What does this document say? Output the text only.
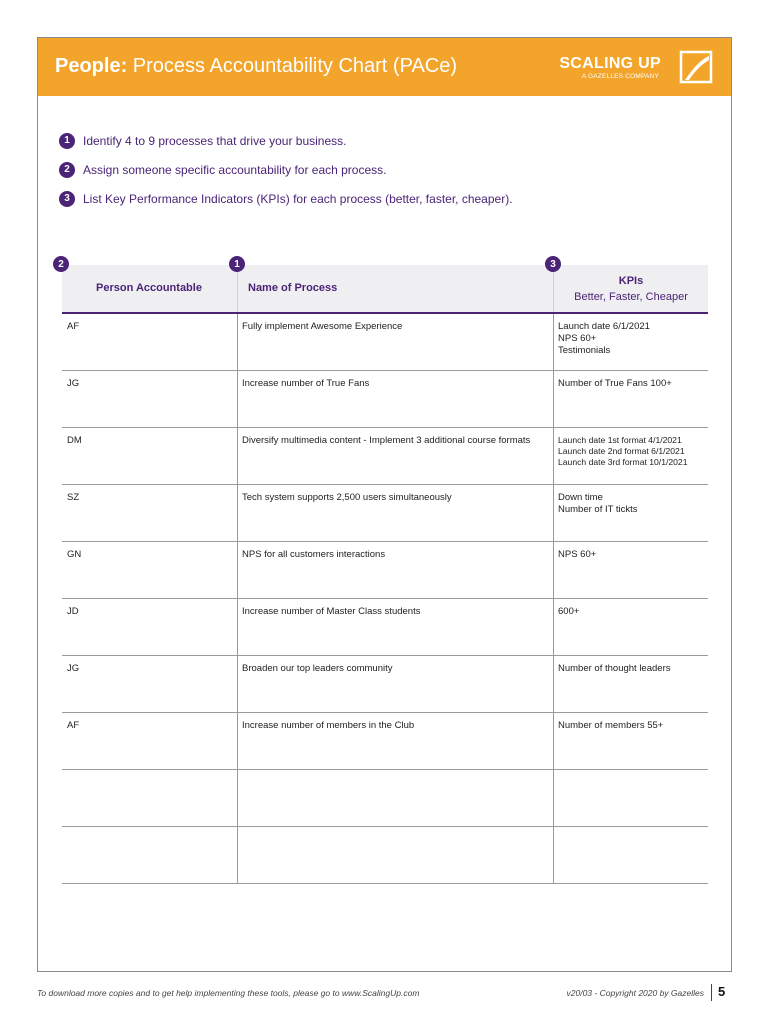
People: Process Accountability Chart (PACe)	SCALING UP
A GAZELLES COMPANY
1	Identify 4 to 9 processes that drive your business.
2	Assign someone specific accountability for each process.
3	List Key Performance Indicators (KPIs) for each process (better, faster, cheaper).
2
Person Accountable
1
Name of Process
3
KPIs
Better, Faster, Cheaper
AF	Fully implement Awesome Experience	Launch date 6/1/2021
NPS 60+
Testimonials
JG	Increase number of True Fans	Number of True Fans 100+
DM	Diversify multimedia content - Implement 3 additional course formats	Launch date 1st format 4/1/2021
Launch date 2nd format 6/1/2021
Launch date 3rd format 10/1/2021
SZ	Tech system supports 2,500 users simultaneously	Down time
Number of IT tickts
GN	NPS for all customers interactions	NPS 60+
JD	Increase number of Master Class students	600+
JG	Broaden our top leaders community	Number of thought leaders
AF	Increase number of members in the Club	Number of members 55+
To download more copies and to get help implementing these tools, please go to www.ScalingUp.com	v20/03 - Copyright 2020 by Gazelles 5
